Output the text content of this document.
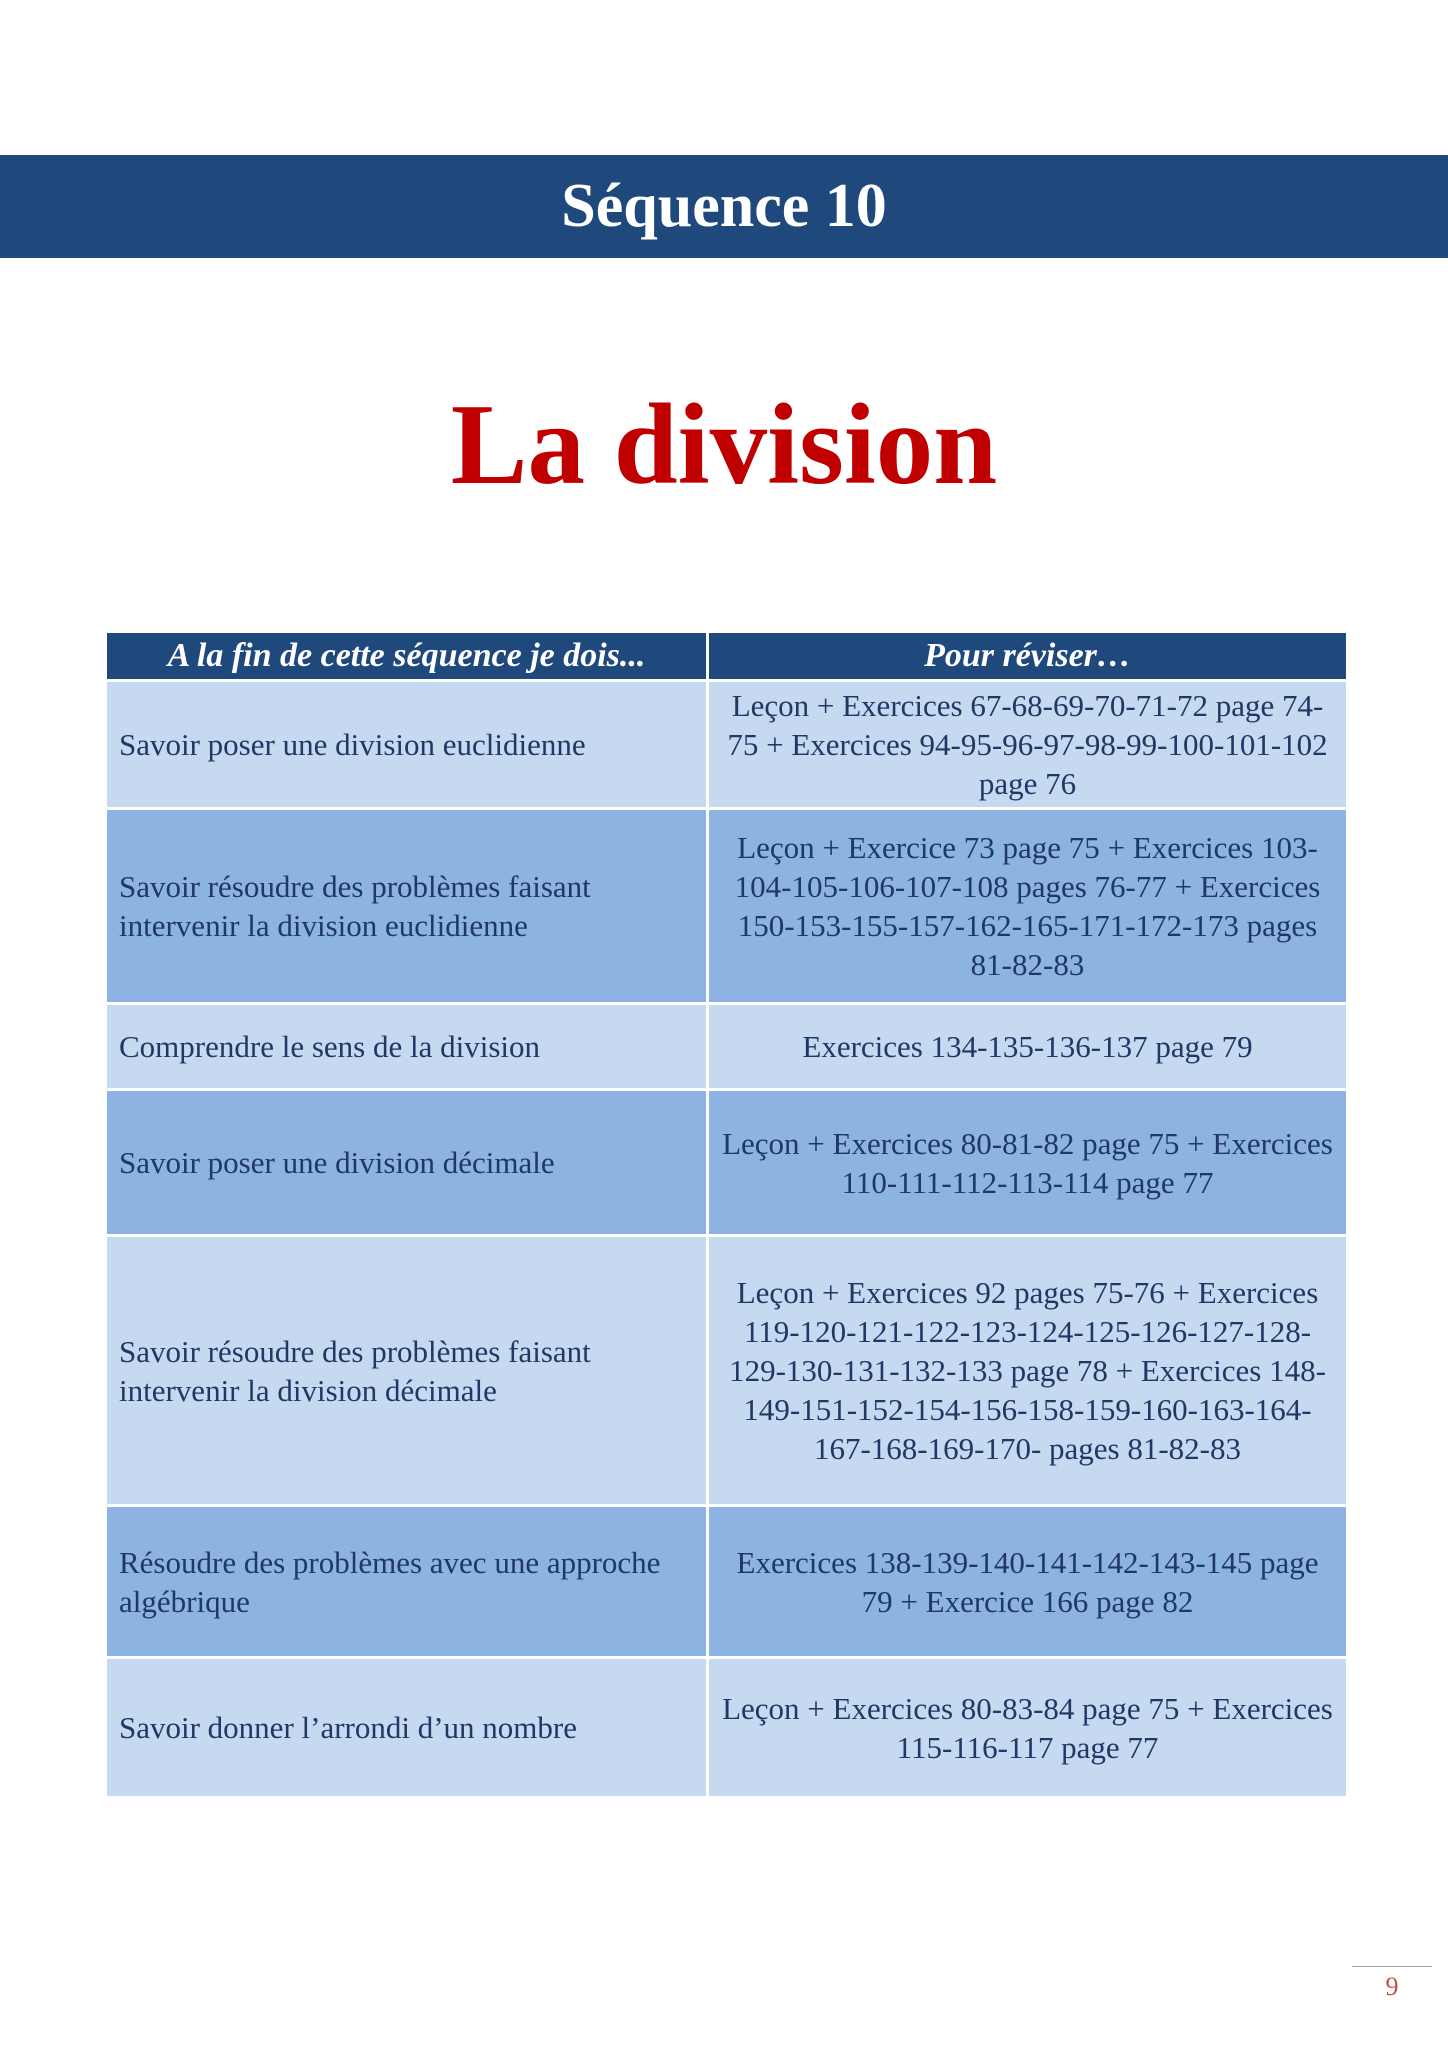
Séquence 10
La division
A la fin de cette séquence je dois...	Pour réviser…
Savoir poser une division euclidienne	Leçon + Exercices 67-68-69-70-71-72 page 74-75 + Exercices 94-95-96-97-98-99-100-101-102 page 76
Savoir résoudre des problèmes faisant intervenir la division euclidienne	Leçon + Exercice 73 page 75 + Exercices 103-104-105-106-107-108 pages 76-77 + Exercices 150-153-155-157-162-165-171-172-173 pages 81-82-83
Comprendre le sens de la division	Exercices 134-135-136-137 page 79
Savoir poser une division décimale	Leçon + Exercices 80-81-82 page 75 + Exercices 110-111-112-113-114 page 77
Savoir résoudre des problèmes faisant intervenir la division décimale	Leçon + Exercices 92 pages 75-76 + Exercices 119-120-121-122-123-124-125-126-127-128-129-130-131-132-133 page 78 + Exercices 148-149-151-152-154-156-158-159-160-163-164-167-168-169-170- pages 81-82-83
Résoudre des problèmes avec une approche algébrique	Exercices 138-139-140-141-142-143-145 page 79 + Exercice 166 page 82
Savoir donner l’arrondi d’un nombre	Leçon + Exercices 80-83-84 page 75 + Exercices 115-116-117 page 77
9
